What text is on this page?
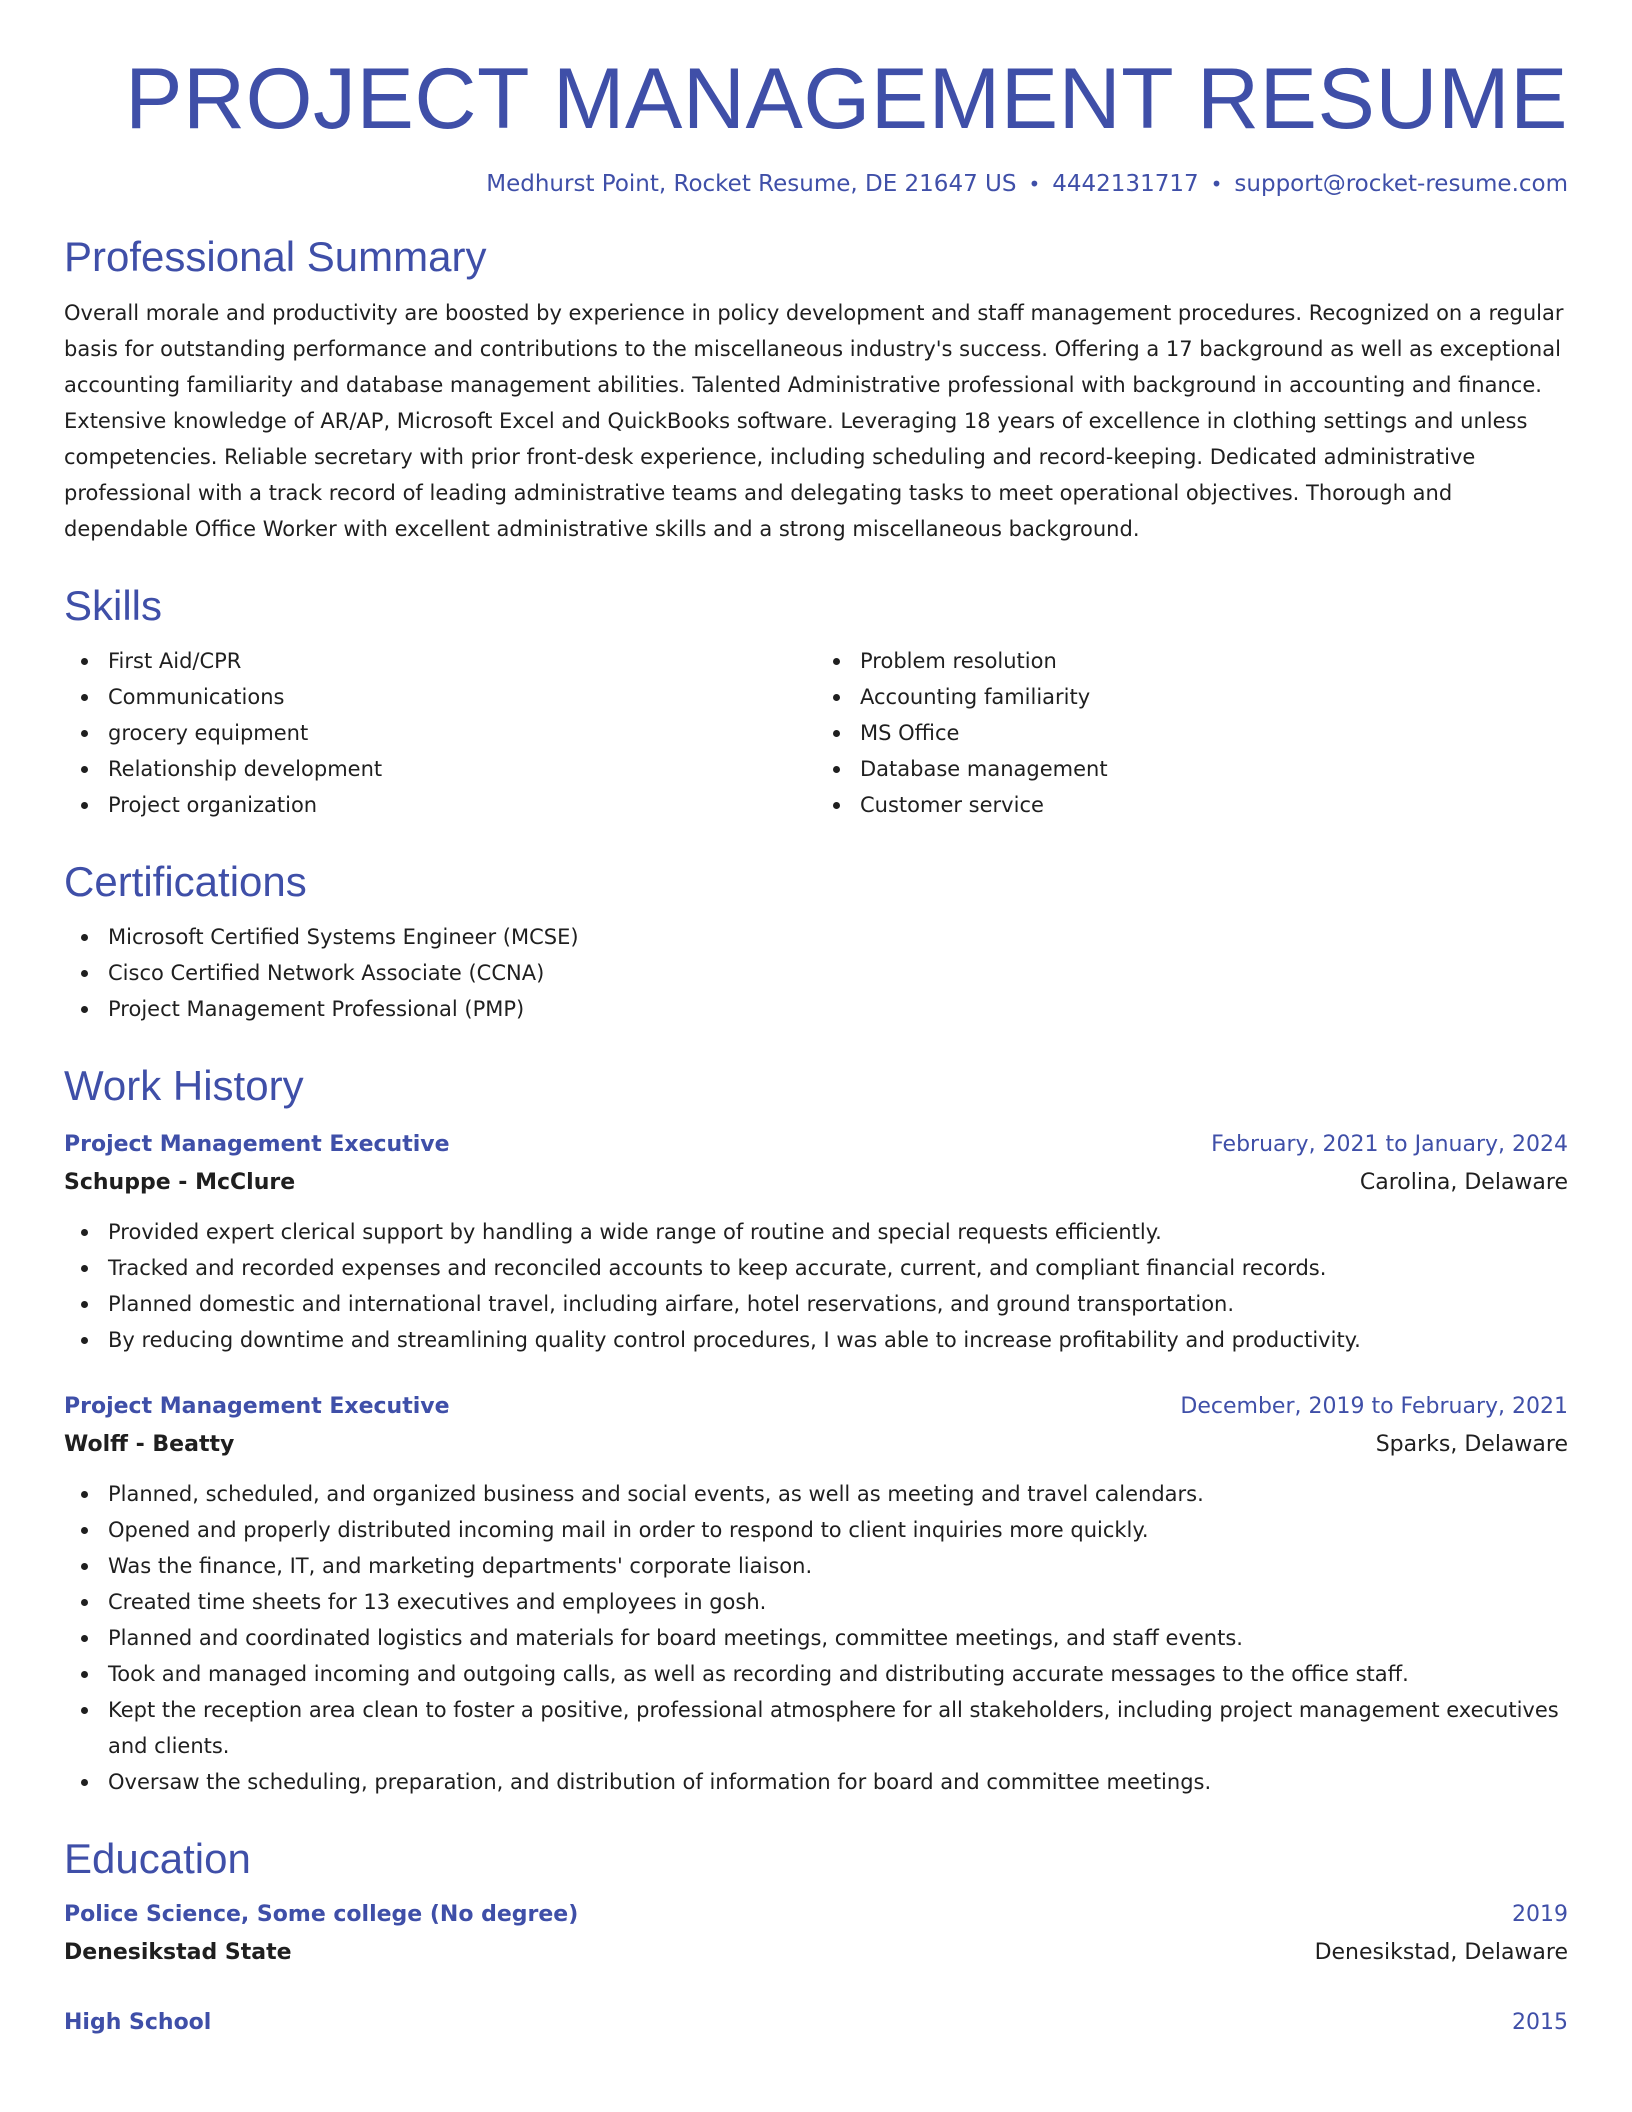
PROJECT MANAGEMENT RESUME
Medhurst Point, Rocket Resume, DE 21647 US • 4442131717 • support@rocket-resume.com
Professional Summary

Overall morale and productivity are boosted by experience in policy development and staff management procedures. Recognized on a regular basis for outstanding performance and contributions to the miscellaneous industry's success. Offering a 17 background as well as exceptional accounting familiarity and database management abilities. Talented Administrative professional with background in accounting and finance. Extensive knowledge of AR/AP, Microsoft Excel and QuickBooks software. Leveraging 18 years of excellence in clothing settings and unless competencies. Reliable secretary with prior front-desk experience, including scheduling and record-keeping. Dedicated administrative professional with a track record of leading administrative teams and delegating tasks to meet operational objectives. Thorough and dependable Office Worker with excellent administrative skills and a strong miscellaneous background.

Skills
First Aid/CPR
Communications
grocery equipment
Relationship development
Project organization
Problem resolution
Accounting familiarity
MS Office
Database management
Customer service
Certifications
Microsoft Certified Systems Engineer (MCSE)
Cisco Certified Network Associate (CCNA)
Project Management Professional (PMP)
Work History
Project Management Executive	February, 2021 to January, 2024
Schuppe - McClure	Carolina, Delaware
Provided expert clerical support by handling a wide range of routine and special requests efficiently.
Tracked and recorded expenses and reconciled accounts to keep accurate, current, and compliant financial records.
Planned domestic and international travel, including airfare, hotel reservations, and ground transportation.
By reducing downtime and streamlining quality control procedures, I was able to increase profitability and productivity.
Project Management Executive	December, 2019 to February, 2021
Wolff - Beatty	Sparks, Delaware
Planned, scheduled, and organized business and social events, as well as meeting and travel calendars.
Opened and properly distributed incoming mail in order to respond to client inquiries more quickly.
Was the finance, IT, and marketing departments' corporate liaison.
Created time sheets for 13 executives and employees in gosh.
Planned and coordinated logistics and materials for board meetings, committee meetings, and staff events.
Took and managed incoming and outgoing calls, as well as recording and distributing accurate messages to the office staff.
Kept the reception area clean to foster a positive, professional atmosphere for all stakeholders, including project management executives and clients.
Oversaw the scheduling, preparation, and distribution of information for board and committee meetings.
Education
Police Science, Some college (No degree)	2019
Denesikstad State	Denesikstad, Delaware
High School	2015
